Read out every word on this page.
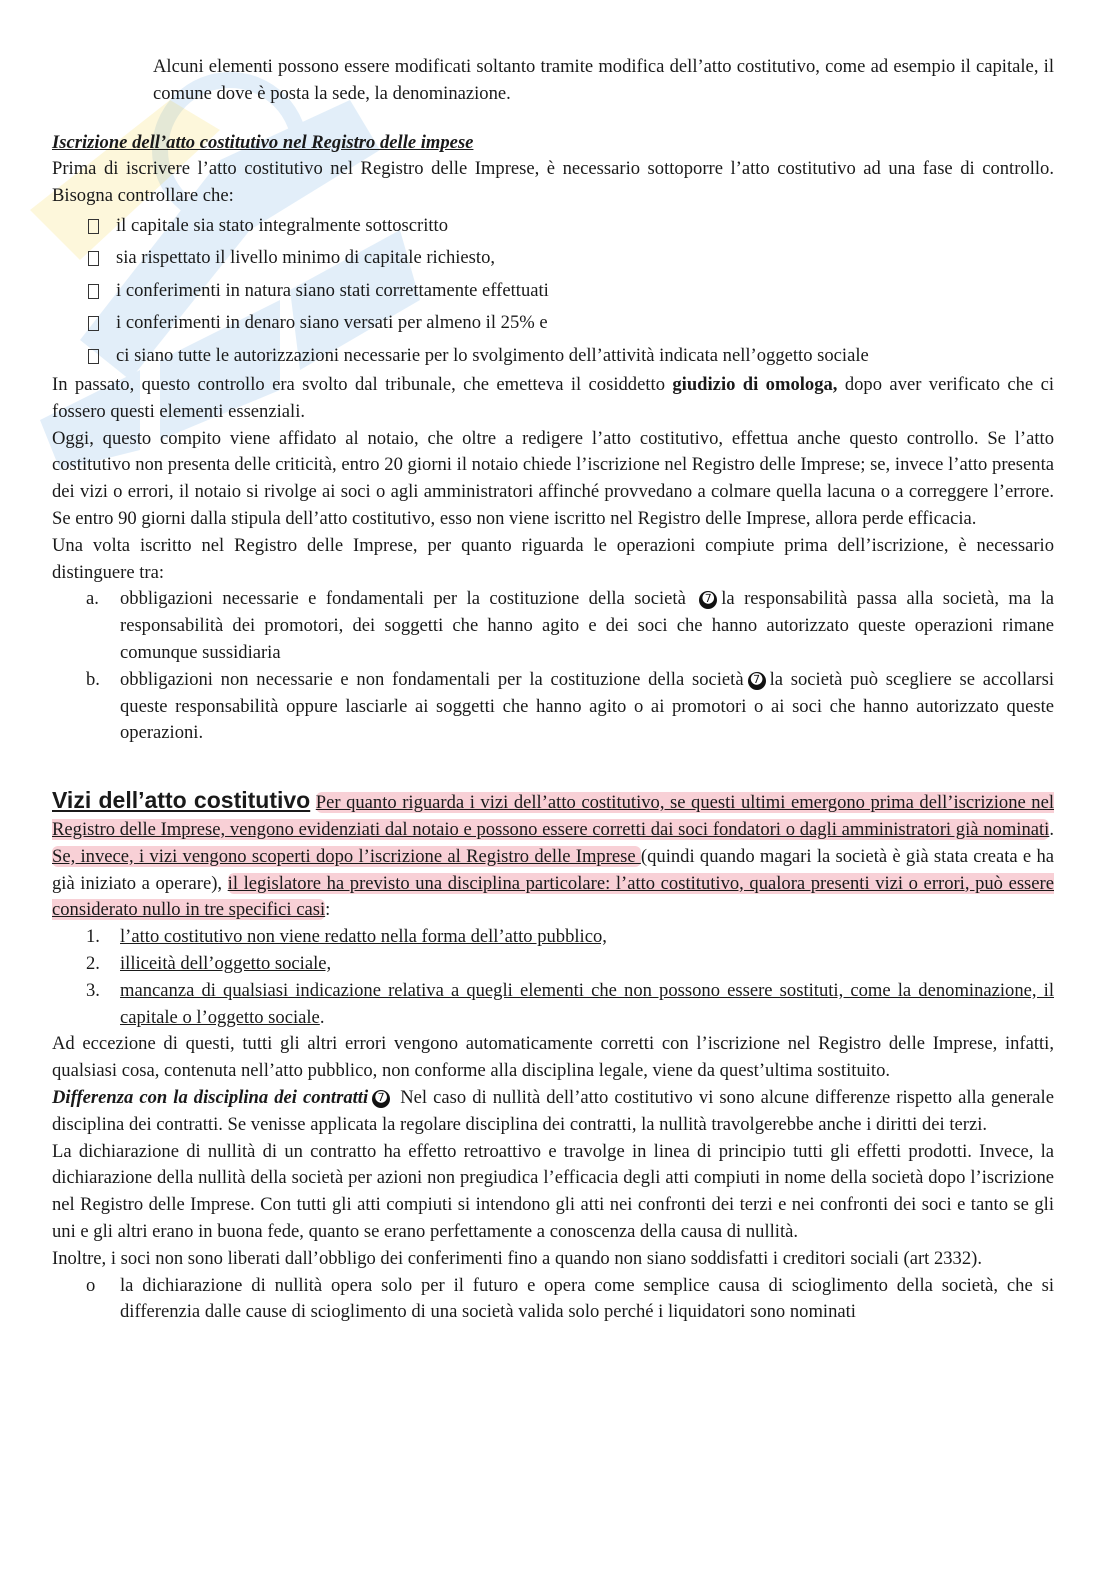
Alcuni elementi possono essere modificati soltanto tramite modifica dell’atto costitutivo, come ad esempio il capitale, il comune dove è posta la sede, la denominazione.

Iscrizione dell’atto costitutivo nel Registro delle impese

Prima di iscrivere l’atto costitutivo nel Registro delle Imprese, è necessario sottoporre l’atto costitutivo ad una fase di controllo. Bisogna controllare che:

il capitale sia stato integralmente sottoscritto
sia rispettato il livello minimo di capitale richiesto,
i conferimenti in natura siano stati correttamente effettuati
i conferimenti in denaro siano versati per almeno il 25% e
ci siano tutte le autorizzazioni necessarie per lo svolgimento dell’attività indicata nell’oggetto sociale

In passato, questo controllo era svolto dal tribunale, che emetteva il cosiddetto giudizio di omologa, dopo aver verificato che ci fossero questi elementi essenziali.

Oggi, questo compito viene affidato al notaio, che oltre a redigere l’atto costitutivo, effettua anche questo controllo. Se l’atto costitutivo non presenta delle criticità, entro 20 giorni il notaio chiede l’iscrizione nel Registro delle Imprese; se, invece l’atto presenta dei vizi o errori, il notaio si rivolge ai soci o agli amministratori affinché provvedano a colmare quella lacuna o a correggere l’errore. Se entro 90 giorni dalla stipula dell’atto costitutivo, esso non viene iscritto nel Registro delle Imprese, allora perde efficacia.

Una volta iscritto nel Registro delle Imprese, per quanto riguarda le operazioni compiute prima dell’iscrizione, è necessario distinguere tra:

a. obbligazioni necessarie e fondamentali per la costituzione della società ➐ la responsabilità passa alla società, ma la responsabilità dei promotori, dei soggetti che hanno agito e dei soci che hanno autorizzato queste operazioni rimane comunque sussidiaria
b. obbligazioni non necessarie e non fondamentali per la costituzione della società ➐ la società può scegliere se accollarsi queste responsabilità oppure lasciarle ai soggetti che hanno agito o ai promotori o ai soci che hanno autorizzato queste operazioni.

Vizi dell’atto costitutivo Per quanto riguarda i vizi dell’atto costitutivo, se questi ultimi emergono prima dell’iscrizione nel Registro delle Imprese, vengono evidenziati dal notaio e possono essere corretti dai soci fondatori o dagli amministratori già nominati. Se, invece, i vizi vengono scoperti dopo l’iscrizione al Registro delle Imprese (quindi quando magari la società è già stata creata e ha già iniziato a operare), il legislatore ha previsto una disciplina particolare: l’atto costitutivo, qualora presenti vizi o errori, può essere considerato nullo in tre specifici casi:

1. l’atto costitutivo non viene redatto nella forma dell’atto pubblico,
2. illiceità dell’oggetto sociale,
3. mancanza di qualsiasi indicazione relativa a quegli elementi che non possono essere sostituti, come la denominazione, il capitale o l’oggetto sociale.

Ad eccezione di questi, tutti gli altri errori vengono automaticamente corretti con l’iscrizione nel Registro delle Imprese, infatti, qualsiasi cosa, contenuta nell’atto pubblico, non conforme alla disciplina legale, viene da quest’ultima sostituito.

Differenza con la disciplina dei contratti ➐ Nel caso di nullità dell’atto costitutivo vi sono alcune differenze rispetto alla generale disciplina dei contratti. Se venisse applicata la regolare disciplina dei contratti, la nullità travolgerebbe anche i diritti dei terzi.

La dichiarazione di nullità di un contratto ha effetto retroattivo e travolge in linea di principio tutti gli effetti prodotti. Invece, la dichiarazione della nullità della società per azioni non pregiudica l’efficacia degli atti compiuti in nome della società dopo l’iscrizione nel Registro delle Imprese. Con tutti gli atti compiuti si intendono gli atti nei confronti dei terzi e nei confronti dei soci e tanto se gli uni e gli altri erano in buona fede, quanto se erano perfettamente a conoscenza della causa di nullità.

Inoltre, i soci non sono liberati dall’obbligo dei conferimenti fino a quando non siano soddisfatti i creditori sociali (art 2332).

o la dichiarazione di nullità opera solo per il futuro e opera come semplice causa di scioglimento della società, che si differenzia dalle cause di scioglimento di una società valida solo perché i liquidatori sono nominati
